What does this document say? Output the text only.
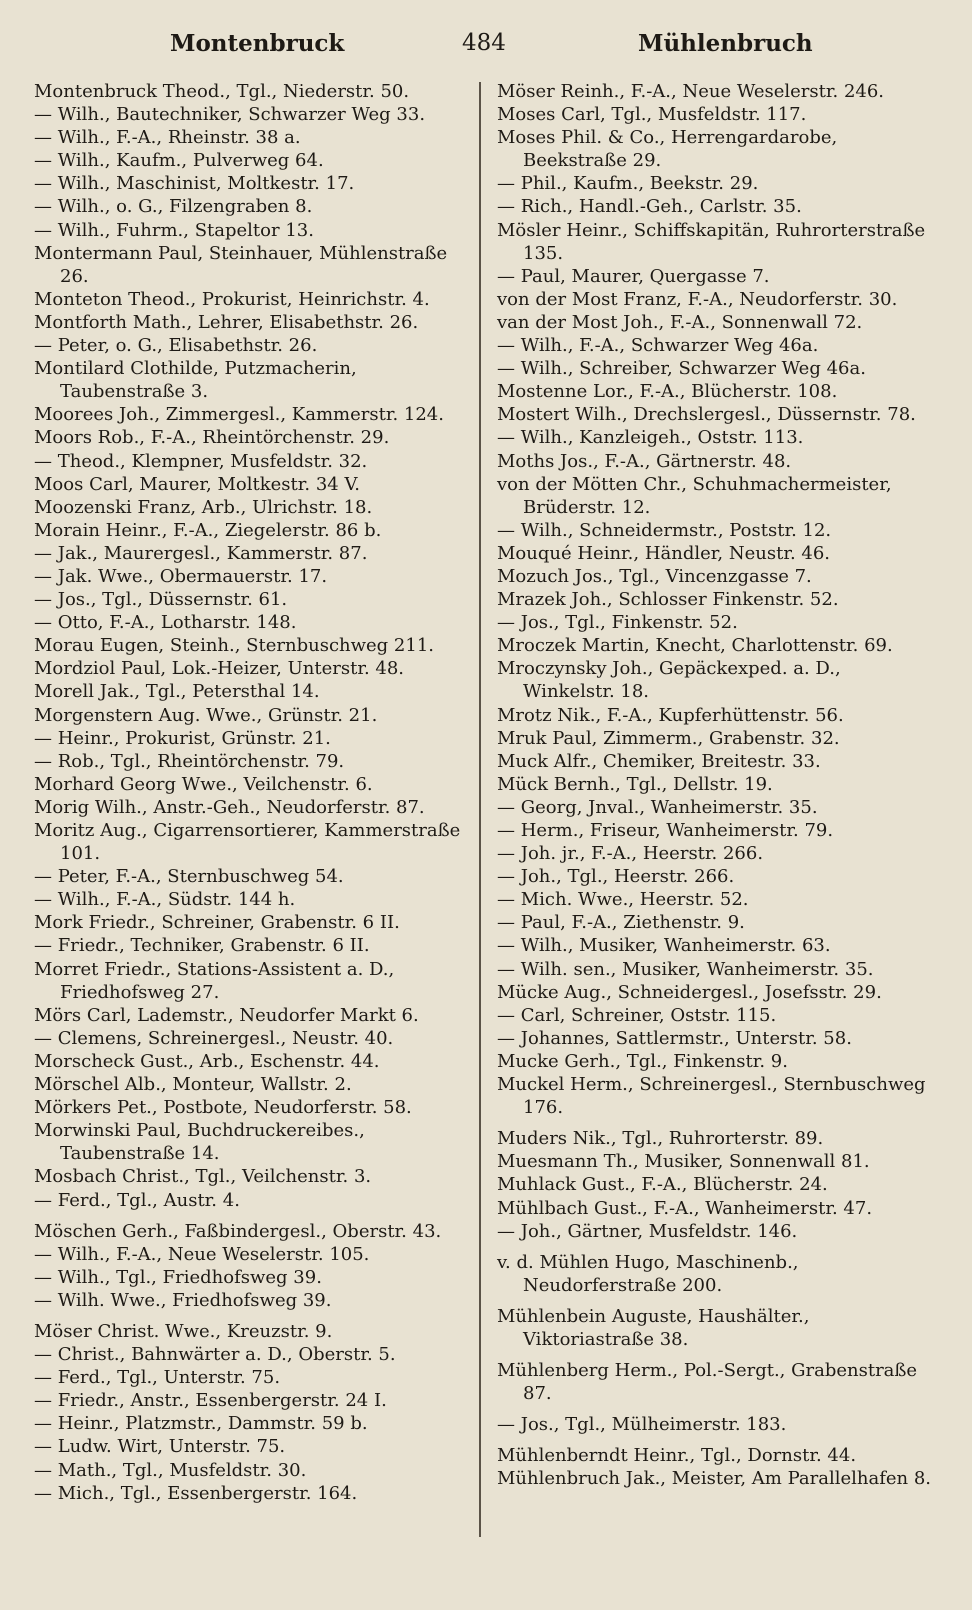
Montenbruck	484	Mühlenbruch

Montenbruck Theod., Tgl., Niederstr. 50.

— Wilh., Bautechniker, Schwarzer Weg 33.

— Wilh., F.-A., Rheinstr. 38 a.

— Wilh., Kaufm., Pulverweg 64.

— Wilh., Maschinist, Moltkestr. 17.

— Wilh., o. G., Filzengraben 8.

— Wilh., Fuhrm., Stapeltor 13.

Montermann Paul, Steinhauer, Mühlenstraße 26.

Monteton Theod., Prokurist, Heinrichstr. 4.

Montforth Math., Lehrer, Elisabethstr. 26.

— Peter, o. G., Elisabethstr. 26.

Montilard Clothilde, Putzmacherin, Taubenstraße 3.

Moorees Joh., Zimmergesl., Kammerstr. 124.

Moors Rob., F.-A., Rheintörchenstr. 29.

— Theod., Klempner, Musfeldstr. 32.

Moos Carl, Maurer, Moltkestr. 34 V.

Moozenski Franz, Arb., Ulrichstr. 18.

Morain Heinr., F.-A., Ziegelerstr. 86 b.

— Jak., Maurergesl., Kammerstr. 87.

— Jak. Wwe., Obermauerstr. 17.

— Jos., Tgl., Düssernstr. 61.

— Otto, F.-A., Lotharstr. 148.

Morau Eugen, Steinh., Sternbuschweg 211.

Mordziol Paul, Lok.-Heizer, Unterstr. 48.

Morell Jak., Tgl., Petersthal 14.

Morgenstern Aug. Wwe., Grünstr. 21.

— Heinr., Prokurist, Grünstr. 21.

— Rob., Tgl., Rheintörchenstr. 79.

Morhard Georg Wwe., Veilchenstr. 6.

Morig Wilh., Anstr.-Geh., Neudorferstr. 87.

Moritz Aug., Cigarrensortierer, Kammerstraße 101.

— Peter, F.-A., Sternbuschweg 54.

— Wilh., F.-A., Südstr. 144 h.

Mork Friedr., Schreiner, Grabenstr. 6 II.

— Friedr., Techniker, Grabenstr. 6 II.

Morret Friedr., Stations-Assistent a. D., Friedhofsweg 27.

Mörs Carl, Lademstr., Neudorfer Markt 6.

— Clemens, Schreinergesl., Neustr. 40.

Morscheck Gust., Arb., Eschenstr. 44.

Mörschel Alb., Monteur, Wallstr. 2.

Mörkers Pet., Postbote, Neudorferstr. 58.

Morwinski Paul, Buchdruckereibes., Taubenstraße 14.

Mosbach Christ., Tgl., Veilchenstr. 3.

— Ferd., Tgl., Austr. 4.

Möschen Gerh., Faßbindergesl., Oberstr. 43.

— Wilh., F.-A., Neue Weselerstr. 105.

— Wilh., Tgl., Friedhofsweg 39.

— Wilh. Wwe., Friedhofsweg 39.

Möser Christ. Wwe., Kreuzstr. 9.

— Christ., Bahnwärter a. D., Oberstr. 5.

— Ferd., Tgl., Unterstr. 75.

— Friedr., Anstr., Essenbergerstr. 24 I.

— Heinr., Platzmstr., Dammstr. 59 b.

— Ludw. Wirt, Unterstr. 75.

— Math., Tgl., Musfeldstr. 30.

— Mich., Tgl., Essenbergerstr. 164.

Möser Reinh., F.-A., Neue Weselerstr. 246.

Moses Carl, Tgl., Musfeldstr. 117.

Moses Phil. & Co., Herrengardarobe, Beekstraße 29.

— Phil., Kaufm., Beekstr. 29.

— Rich., Handl.-Geh., Carlstr. 35.

Mösler Heinr., Schiffskapitän, Ruhrorterstraße 135.

— Paul, Maurer, Quergasse 7.

von der Most Franz, F.-A., Neudorferstr. 30.

van der Most Joh., F.-A., Sonnenwall 72.

— Wilh., F.-A., Schwarzer Weg 46a.

— Wilh., Schreiber, Schwarzer Weg 46a.

Mostenne Lor., F.-A., Blücherstr. 108.

Mostert Wilh., Drechslergesl., Düssernstr. 78.

— Wilh., Kanzleigeh., Oststr. 113.

Moths Jos., F.-A., Gärtnerstr. 48.

von der Mötten Chr., Schuhmachermeister, Brüderstr. 12.

— Wilh., Schneidermstr., Poststr. 12.

Mouqué Heinr., Händler, Neustr. 46.

Mozuch Jos., Tgl., Vincenzgasse 7.

Mrazek Joh., Schlosser Finkenstr. 52.

— Jos., Tgl., Finkenstr. 52.

Mroczek Martin, Knecht, Charlottenstr. 69.

Mroczynsky Joh., Gepäckexped. a. D., Winkelstr. 18.

Mrotz Nik., F.-A., Kupferhüttenstr. 56.

Mruk Paul, Zimmerm., Grabenstr. 32.

Muck Alfr., Chemiker, Breitestr. 33.

Mück Bernh., Tgl., Dellstr. 19.

— Georg, Jnval., Wanheimerstr. 35.

— Herm., Friseur, Wanheimerstr. 79.

— Joh. jr., F.-A., Heerstr. 266.

— Joh., Tgl., Heerstr. 266.

— Mich. Wwe., Heerstr. 52.

— Paul, F.-A., Ziethenstr. 9.

— Wilh., Musiker, Wanheimerstr. 63.

— Wilh. sen., Musiker, Wanheimerstr. 35.

Mücke Aug., Schneidergesl., Josefsstr. 29.

— Carl, Schreiner, Oststr. 115.

— Johannes, Sattlermstr., Unterstr. 58.

Mucke Gerh., Tgl., Finkenstr. 9.

Muckel Herm., Schreinergesl., Sternbuschweg 176.

Muders Nik., Tgl., Ruhrorterstr. 89.

Muesmann Th., Musiker, Sonnenwall 81.

Muhlack Gust., F.-A., Blücherstr. 24.

Mühlbach Gust., F.-A., Wanheimerstr. 47.

— Joh., Gärtner, Musfeldstr. 146.

v. d. Mühlen Hugo, Maschinenb., Neudorferstraße 200.

Mühlenbein Auguste, Haushälter., Viktoriastraße 38.

Mühlenberg Herm., Pol.-Sergt., Grabenstraße 87.

— Jos., Tgl., Mülheimerstr. 183.

Mühlenberndt Heinr., Tgl., Dornstr. 44.

Mühlenbruch Jak., Meister, Am Parallelhafen 8.
